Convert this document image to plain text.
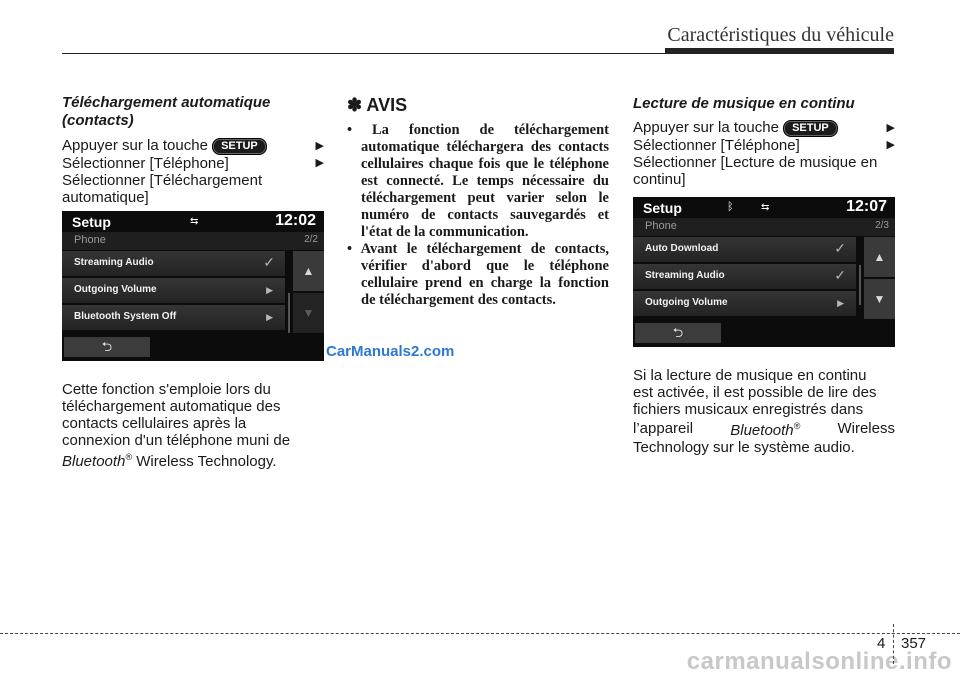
Caractéristiques du véhicule

Téléchargement automatique
(contacts)

Appuyer sur la touche SETUP	▶

Sélectionner [Téléphone]	▶

Sélectionner [Téléchargement

automatique]

Setup	⇆	12:02
Phone	2/2
Streaming Audio	✓
Outgoing Volume	▶
Bluetooth System Off	▶
▲
▼
⮌

Cette fonction s'emploie lors du

téléchargement automatique des

contacts cellulaires après la

connexion d'un téléphone muni de

Bluetooth® Wireless Technology.

✽ AVIS

• La fonction de téléchargement automatique téléchargera des contacts cellulaires chaque fois que le téléphone est connecté. Le temps nécessaire du téléchargement peut varier selon le numéro de contacts sauvegardés et l'état de la communication.

• Avant le téléchargement de contacts, vérifier d'abord que le téléphone cellulaire prend en charge la fonction de téléchargement des contacts.

Lecture de musique en continu

Appuyer sur la touche SETUP	▶

Sélectionner [Téléphone]	▶

Sélectionner [Lecture de musique en

continu]

Setup	ᛒ	⇆	12:07
Phone	2/3
Auto Download	✓
Streaming Audio	✓
Outgoing Volume	▶
▲
▼
⮌

Si la lecture de musique en continu

est activée, il est possible de lire des

fichiers musicaux enregistrés dans

l’appareil Bluetooth® Wireless

Technology sur le système audio.

CarManuals2.com
carmanualsonline.info
4 357
